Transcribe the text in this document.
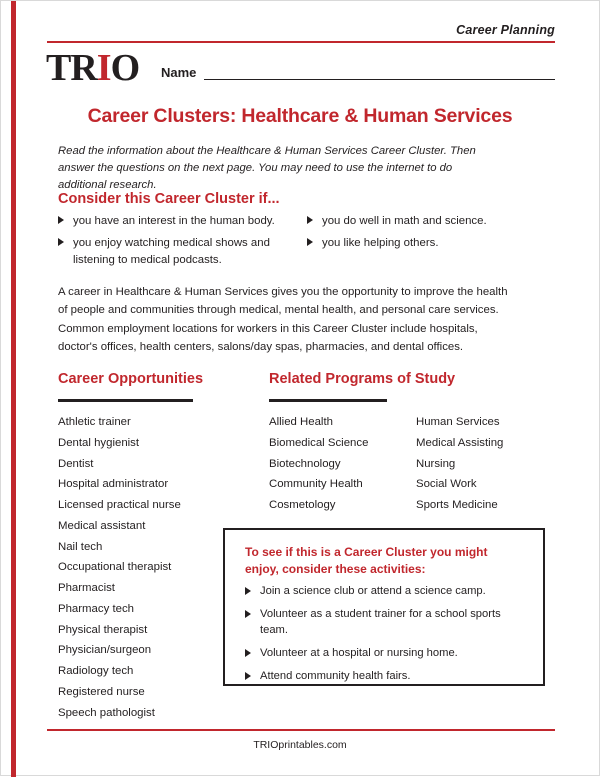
Career Planning
TRIO Name
Career Clusters: Healthcare & Human Services
Read the information about the Healthcare & Human Services Career Cluster. Then answer the questions on the next page. You may need to use the internet to do additional research.
Consider this Career Cluster if...
you have an interest in the human body.
you enjoy watching medical shows and listening to medical podcasts.
you do well in math and science.
you like helping others.
A career in Healthcare & Human Services gives you the opportunity to improve the health of people and communities through medical, mental health, and personal care services. Common employment locations for workers in this Career Cluster include hospitals, doctor's offices, health centers, salons/day spas, pharmacies, and dental offices.
Career Opportunities	Related Programs of Study
Athletic trainer
Dental hygienist
Dentist
Hospital administrator
Licensed practical nurse
Medical assistant
Nail tech
Occupational therapist
Pharmacist
Pharmacy tech
Physical therapist
Physician/surgeon
Radiology tech
Registered nurse
Speech pathologist
Allied Health
Biomedical Science
Biotechnology
Community Health
Cosmetology
Human Services
Medical Assisting
Nursing
Social Work
Sports Medicine
To see if this is a Career Cluster you might enjoy, consider these activities:
Join a science club or attend a science camp.
Volunteer as a student trainer for a school sports team.
Volunteer at a hospital or nursing home.
Attend community health fairs.
TRIOprintables.com
